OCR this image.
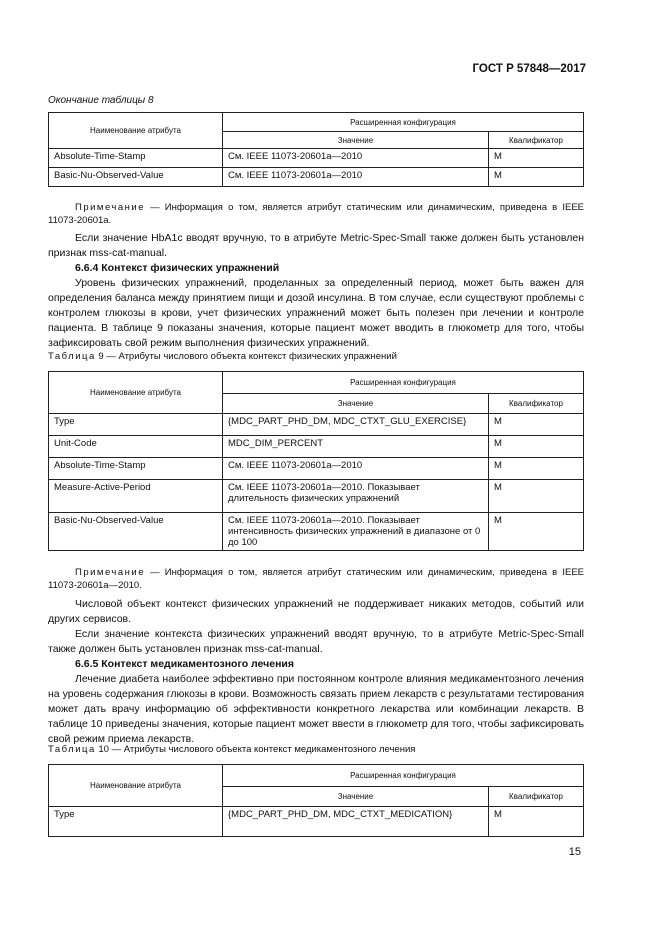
ГОСТ Р 57848—2017
Окончание таблицы 8
Наименование атрибута	Расширенная конфигурация	
	Значение	Квалификатор
Absolute-Time-Stamp	См. IEEE 11073-20601a—2010	M
Basic-Nu-Observed-Value	См. IEEE 11073-20601a—2010	M

Примечание — Информация о том, является атрибут статическим или динамическим, приведена в IEEE 11073-20601a.

Если значение HbA1c вводят вручную, то в атрибуте Metric-Spec-Small также должен быть установлен признак mss-cat-manual.

6.6.4 Контекст физических упражнений

Уровень физических упражнений, проделанных за определенный период, может быть важен для определения баланса между принятием пищи и дозой инсулина. В том случае, если существуют проблемы с контролем глюкозы в крови, учет физических упражнений может быть полезен при лечении и контроле пациента. В таблице 9 показаны значения, которые пациент может вводить в глюкометр для того, чтобы зафиксировать свой режим выполнения физических упражнений.

Таблица 9 — Атрибуты числового объекта контекст физических упражнений
Наименование атрибута	Расширенная конфигурация	
	Значение	Квалификатор
Type	{MDC_PART_PHD_DM, MDC_CTXT_GLU_EXERCISE}	M
Unit-Code	MDC_DIM_PERCENT	M
Absolute-Time-Stamp	См. IEEE 11073-20601a—2010	M
Measure-Active-Period	См. IEEE 11073-20601a—2010. Показывает длительность физических упражнений	M
Basic-Nu-Observed-Value	См. IEEE 11073-20601a—2010. Показывает интенсивность физических упражнений в диапазоне от 0 до 100	M

Примечание — Информация о том, является атрибут статическим или динамическим, приведена в IEEE 11073-20601a—2010.

Числовой объект контекст физических упражнений не поддерживает никаких методов, событий или других сервисов.

Если значение контекста физических упражнений вводят вручную, то в атрибуте Metric-Spec-Small также должен быть установлен признак mss-cat-manual.

6.6.5 Контекст медикаментозного лечения

Лечение диабета наиболее эффективно при постоянном контроле влияния медикаментозного лечения на уровень содержания глюкозы в крови. Возможность связать прием лекарств с результатами тестирования может дать врачу информацию об эффективности конкретного лекарства или комбинации лекарств. В таблице 10 приведены значения, которые пациент может ввести в глюкометр для того, чтобы зафиксировать свой режим приема лекарств.

Таблица 10 — Атрибуты числового объекта контекст медикаментозного лечения
Наименование атрибута	Расширенная конфигурация	
	Значение	Квалификатор
Type	{MDC_PART_PHD_DM, MDC_CTXT_MEDICATION}	M
15
